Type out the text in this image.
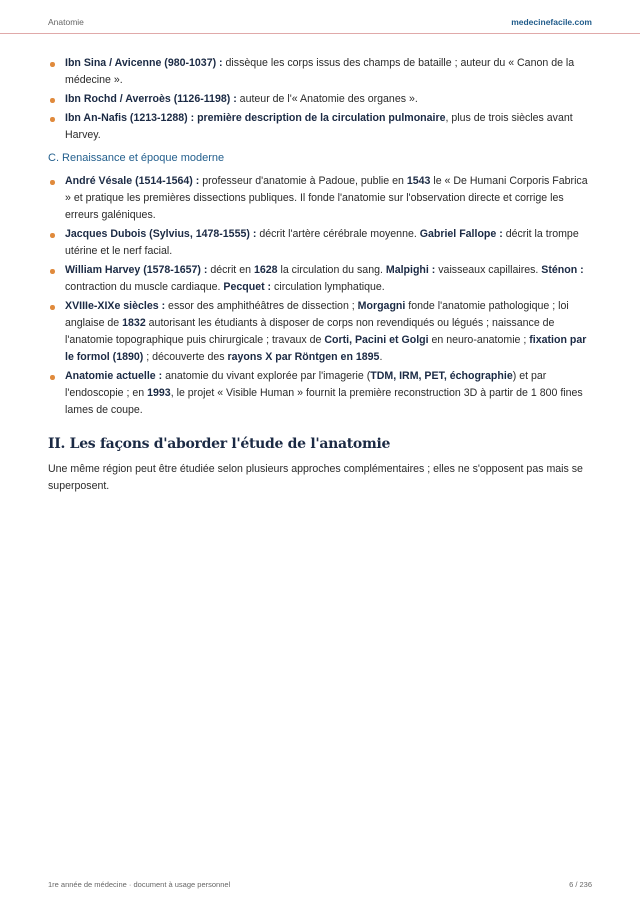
Anatomie	medecinefacile.com
Ibn Sina / Avicenne (980-1037) : dissèque les corps issus des champs de bataille ; auteur du « Canon de la médecine ».
Ibn Rochd / Averroès (1126-1198) : auteur de l'« Anatomie des organes ».
Ibn An-Nafis (1213-1288) : première description de la circulation pulmonaire, plus de trois siècles avant Harvey.
C. Renaissance et époque moderne
André Vésale (1514-1564) : professeur d'anatomie à Padoue, publie en 1543 le « De Humani Corporis Fabrica » et pratique les premières dissections publiques. Il fonde l'anatomie sur l'observation directe et corrige les erreurs galéniques.
Jacques Dubois (Sylvius, 1478-1555) : décrit l'artère cérébrale moyenne. Gabriel Fallope : décrit la trompe utérine et le nerf facial.
William Harvey (1578-1657) : décrit en 1628 la circulation du sang. Malpighi : vaisseaux capillaires. Sténon : contraction du muscle cardiaque. Pecquet : circulation lymphatique.
XVIIIe-XIXe siècles : essor des amphithéâtres de dissection ; Morgagni fonde l'anatomie pathologique ; loi anglaise de 1832 autorisant les étudiants à disposer de corps non revendiqués ou légués ; naissance de l'anatomie topographique puis chirurgicale ; travaux de Corti, Pacini et Golgi en neuro-anatomie ; fixation par le formol (1890) ; découverte des rayons X par Röntgen en 1895.
Anatomie actuelle : anatomie du vivant explorée par l'imagerie (TDM, IRM, PET, échographie) et par l'endoscopie ; en 1993, le projet « Visible Human » fournit la première reconstruction 3D à partir de 1 800 fines lames de coupe.
II. Les façons d'aborder l'étude de l'anatomie

Une même région peut être étudiée selon plusieurs approches complémentaires ; elles ne s'opposent pas mais se superposent.

1re année de médecine · document à usage personnel	6 / 236
